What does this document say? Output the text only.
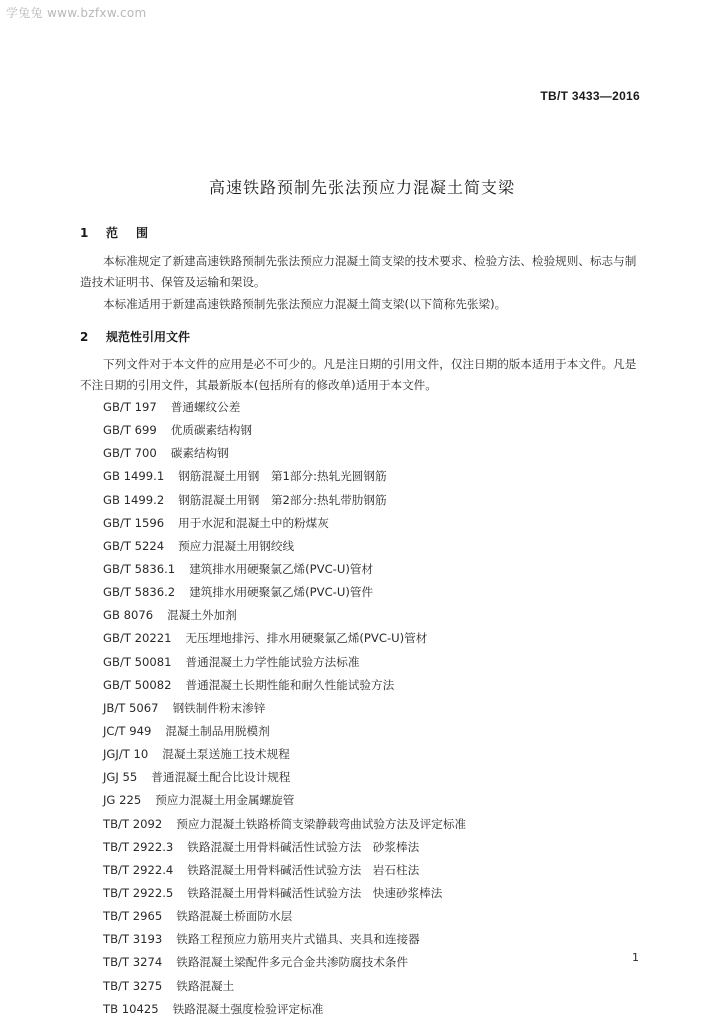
学兔兔 www.bzfxw.com
TB/T 3433—2016
高速铁路预制先张法预应力混凝土简支梁
1 范围
本标准规定了新建高速铁路预制先张法预应力混凝土简支梁的技术要求、检验方法、检验规则、标志与制造技术证明书、保管及运输和架设。
本标准适用于新建高速铁路预制先张法预应力混凝土简支梁(以下简称先张梁)。
2 规范性引用文件
下列文件对于本文件的应用是必不可少的。凡是注日期的引用文件，仅注日期的版本适用于本文件。凡是不注日期的引用文件，其最新版本(包括所有的修改单)适用于本文件。
GB/T 197 普通螺纹公差
GB/T 699 优质碳素结构钢
GB/T 700 碳素结构钢
GB 1499.1 钢筋混凝土用钢　第1部分:热轧光圆钢筋
GB 1499.2 钢筋混凝土用钢　第2部分:热轧带肋钢筋
GB/T 1596 用于水泥和混凝土中的粉煤灰
GB/T 5224 预应力混凝土用钢绞线
GB/T 5836.1 建筑排水用硬聚氯乙烯(PVC-U)管材
GB/T 5836.2 建筑排水用硬聚氯乙烯(PVC-U)管件
GB 8076 混凝土外加剂
GB/T 20221 无压埋地排污、排水用硬聚氯乙烯(PVC-U)管材
GB/T 50081 普通混凝土力学性能试验方法标准
GB/T 50082 普通混凝土长期性能和耐久性能试验方法
JB/T 5067 钢铁制件粉末渗锌
JC/T 949 混凝土制品用脱模剂
JGJ/T 10 混凝土泵送施工技术规程
JGJ 55 普通混凝土配合比设计规程
JG 225 预应力混凝土用金属螺旋管
TB/T 2092 预应力混凝土铁路桥简支梁静载弯曲试验方法及评定标准
TB/T 2922.3 铁路混凝土用骨料碱活性试验方法　砂浆棒法
TB/T 2922.4 铁路混凝土用骨料碱活性试验方法　岩石柱法
TB/T 2922.5 铁路混凝土用骨料碱活性试验方法　快速砂浆棒法
TB/T 2965 铁路混凝土桥面防水层
TB/T 3193 铁路工程预应力筋用夹片式锚具、夹具和连接器
TB/T 3274 铁路混凝土梁配件多元合金共渗防腐技术条件
TB/T 3275 铁路混凝土
TB 10425 铁路混凝土强度检验评定标准
1
